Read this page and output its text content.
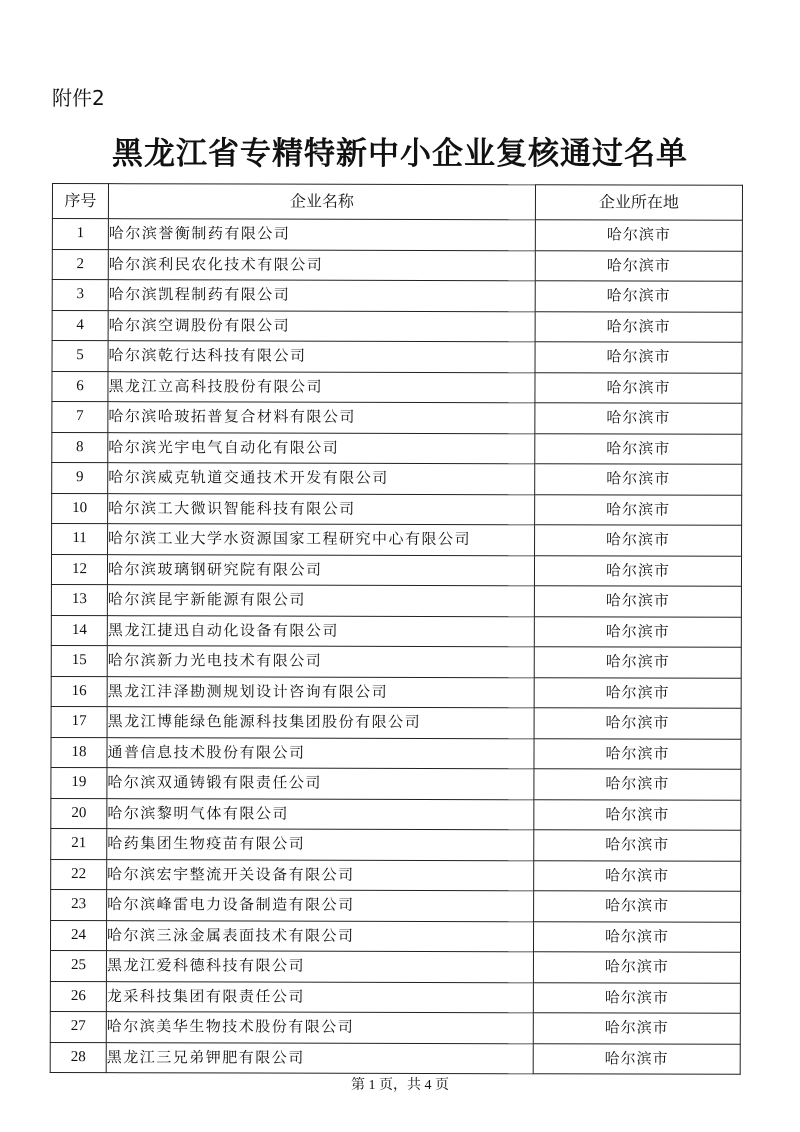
附件2
黑龙江省专精特新中小企业复核通过名单
序号	企业名称	企业所在地
1	哈尔滨誉衡制药有限公司	哈尔滨市
2	哈尔滨利民农化技术有限公司	哈尔滨市
3	哈尔滨凯程制药有限公司	哈尔滨市
4	哈尔滨空调股份有限公司	哈尔滨市
5	哈尔滨乾行达科技有限公司	哈尔滨市
6	黑龙江立高科技股份有限公司	哈尔滨市
7	哈尔滨哈玻拓普复合材料有限公司	哈尔滨市
8	哈尔滨光宇电气自动化有限公司	哈尔滨市
9	哈尔滨威克轨道交通技术开发有限公司	哈尔滨市
10	哈尔滨工大微识智能科技有限公司	哈尔滨市
11	哈尔滨工业大学水资源国家工程研究中心有限公司	哈尔滨市
12	哈尔滨玻璃钢研究院有限公司	哈尔滨市
13	哈尔滨昆宇新能源有限公司	哈尔滨市
14	黑龙江捷迅自动化设备有限公司	哈尔滨市
15	哈尔滨新力光电技术有限公司	哈尔滨市
16	黑龙江沣泽勘测规划设计咨询有限公司	哈尔滨市
17	黑龙江博能绿色能源科技集团股份有限公司	哈尔滨市
18	通普信息技术股份有限公司	哈尔滨市
19	哈尔滨双通铸锻有限责任公司	哈尔滨市
20	哈尔滨黎明气体有限公司	哈尔滨市
21	哈药集团生物疫苗有限公司	哈尔滨市
22	哈尔滨宏宇整流开关设备有限公司	哈尔滨市
23	哈尔滨峰雷电力设备制造有限公司	哈尔滨市
24	哈尔滨三泳金属表面技术有限公司	哈尔滨市
25	黑龙江爱科德科技有限公司	哈尔滨市
26	龙采科技集团有限责任公司	哈尔滨市
27	哈尔滨美华生物技术股份有限公司	哈尔滨市
28	黑龙江三兄弟钾肥有限公司	哈尔滨市
第 1 页，共 4 页
